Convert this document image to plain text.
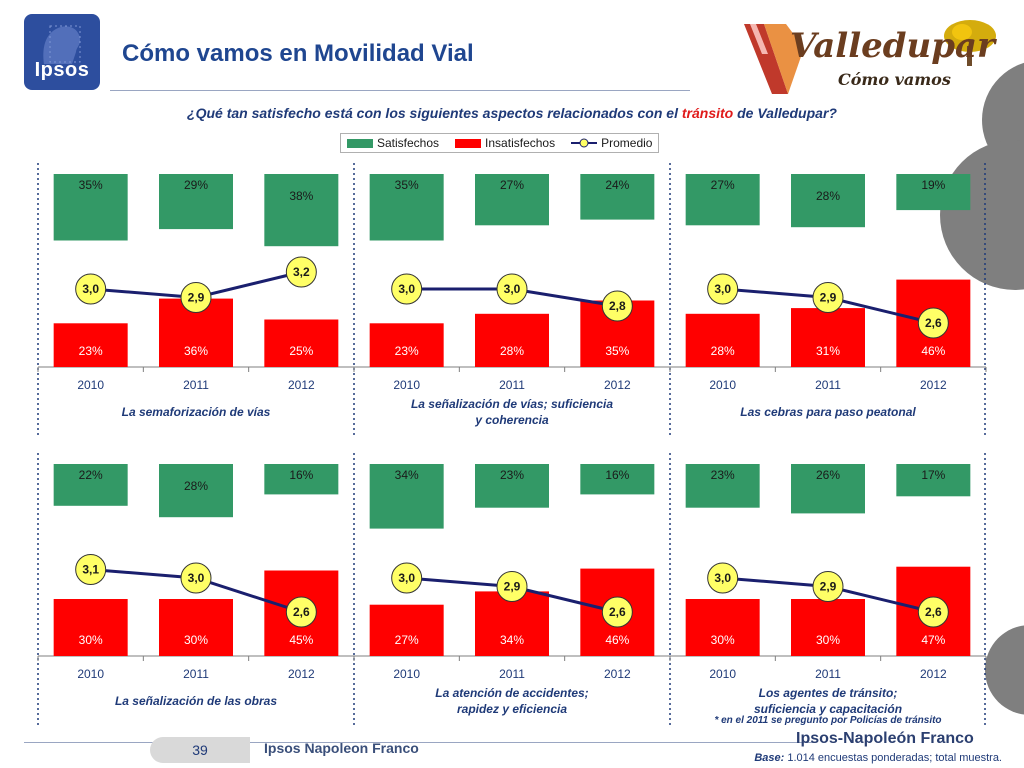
Ipsos
Cómo vamos en Movilidad Vial	Valledupar
Cómo vamos
¿Qué tan satisfecho está con los siguientes aspectos relacionados con el tránsito de Valledupar?
Satisfechos	Insatisfechos	Promedio
35%
23%
2010
29%
36%
2011
38%
25%
2012
3,0
2,9
3,2
La semaforización de vías
35%
23%
2010
27%
28%
2011
24%
35%
2012
3,0	3,0
2,8
La señalización de vías; suficiencia
y coherencia
27%
28%
2010
28%
31%
2011
19%
46%
2012
3,0
2,9
2,6
Las cebras para paso peatonal
22%
30%
2010
28%
30%
2011
16%
45%
2012
3,1
3,0
2,6
La señalización de las obras
34%
27%
2010
23%
34%
2011
16%
46%
2012
3,0
2,9
2,6
La atención de accidentes;
rapidez y eficiencia
23%
30%
2010
26%
30%
2011
17%
47%
2012
3,0
2,9
2,6
Los agentes de tránsito;
suficiencia y capacitación
* en el 2011 se pregunto por Policías de tránsito
39	Ipsos Napoleon Franco
Ipsos-Napoleón Franco
Base: 1.014 encuestas ponderadas; total muestra.
